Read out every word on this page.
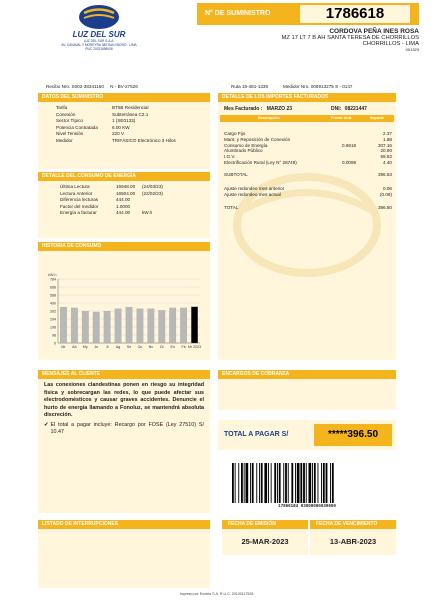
LUZ DEL SUR
LUZ DEL SUR S.A.A.
AV. CANAVAL Y MOREYRA 380 SAN ISIDRO - LIMA
RUC 20331898008
N° DE SUMINISTRO	1786618
CORDOVA PEÑA INES ROSA
MZ 17 LT 7 B AH SANTA TERESA DE CHORRILLOS
CHORRILLOS - LIMA
001323
Recibo Nro. S002-38341160 N - BV-27526	Ruta 16-481-1336	Medidor Nro. 006913275 S - 0147
DATOS DEL SUMINISTRO
Tarifa	BT5B Residencial
Conexión	Subterránea C2.1
Sector Típico	1 (SE0133)
Potencia Contratada	6.00 KW
Nivel Tensión	220 V
Medidor	TRIFÁSICO Electrónico 3 Hilos
DETALLE DEL CONSUMO DE ENERGÍA
Última Lectura	16948.00	(24/03/23)
Lectura Anterior	16504.00	(22/02/23)
Diferencia lecturas	444.00	
Factor del medidor	1.0000	
Energía a facturar	444.00	kW.h
HISTORIA DE CONSUMO
kW.h
0
98
196
294
392
490
588
686
784
Mr Ab My Jn Jl Ag Se Oc Nv Di En Fb Mr 2023
DETALLE DE LOS IMPORTES FACTURADOS
Mes Facturado : MARZO 23	DNI: 08221447
Descripción	Precio Unit.	Importe
Cargo Fijo	2.37
Mant. y Reposición de Conexión	1.88
Consumo de Energía	0.6918	307.16
Alumbrado Público	20.90
I.G.V.	59.82
Electrificación Rural (Ley N° 28749)	0.0099	4.40
SUBTOTAL	396.53
Ajuste redondeo mes anterior	0.06
Ajuste redondeo mes actual	(0.09)
TOTAL	396.50
MENSAJES AL CLIENTE
Las conexiones clandestinas ponen en riesgo su integridad física y sobrecargan las redes, lo que puede afectar sus electrodomésticos y causar graves accidentes. Denuncie el hurto de energía llamando a Fonoluz, se mantendrá absoluta discreción.
✔ El total a pagar incluye: Recargo por FOSE (Ley 27510) S/ 10.47
ENCARGOS DE COBRANZA
TOTAL A PAGAR S/	*****396.50
17866184 03000000039650
LISTADO DE INTERRUPCIONES	FECHA DE EMISIÓN
25-MAR-2023
FECHA DE VENCIMIENTO
13-ABR-2023
Impreso por Enotria S.A. R.U.C. 20100117526.
